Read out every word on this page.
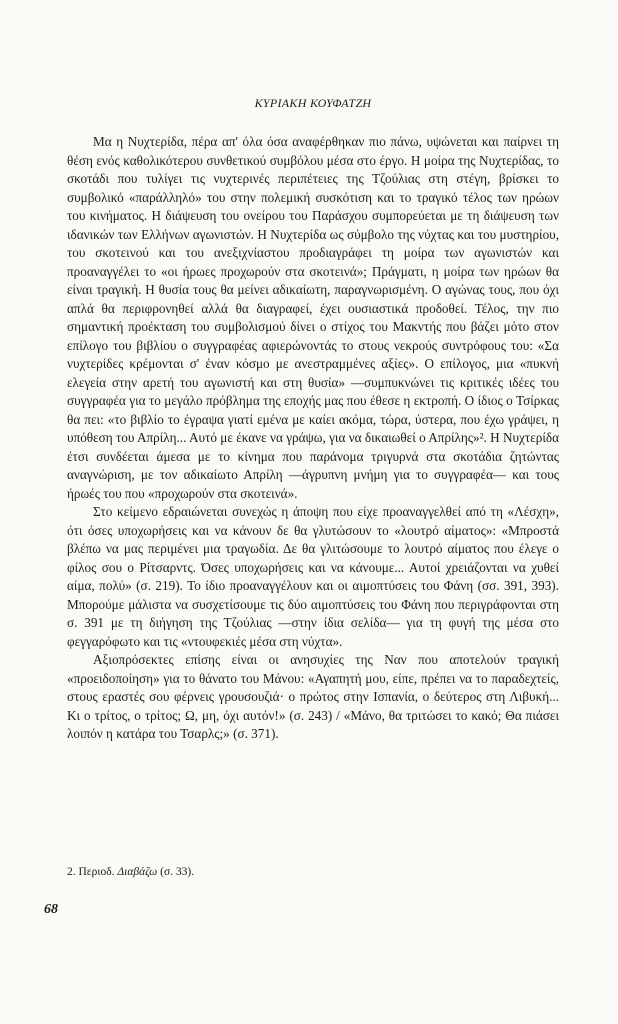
ΚΥΡΙΑΚΗ ΚΟΥΦΑΤΖΗ

Μα η Νυχτερίδα, πέρα απ' όλα όσα αναφέρθηκαν πιο πάνω, υψώνεται και παίρνει τη θέση ενός καθολικότερου συνθετικού συμβόλου μέσα στο έργο. Η μοίρα της Νυχτερίδας, το σκοτάδι που τυλίγει τις νυχτερινές περιπέτειες της Τζούλιας στη στέγη, βρίσκει το συμβολικό «παράλληλό» του στην πολεμική συσκότιση και το τραγικό τέλος των ηρώων του κινήματος. Η διάψευση του ονείρου του Παράσχου συμπορεύεται με τη διάψευση των ιδανικών των Ελλήνων αγωνιστών. Η Νυχτερίδα ως σύμβολο της νύχτας και του μυστηρίου, του σκοτεινού και του ανεξιχνίαστου προδιαγράφει τη μοίρα των αγωνιστών και προαναγγέλει το «οι ήρωες προχωρούν στα σκοτεινά»; Πράγματι, η μοίρα των ηρώων θα είναι τραγική. Η θυσία τους θα μείνει αδικαίωτη, παραγνωρισμένη. Ο αγώνας τους, που όχι απλά θα περιφρονηθεί αλλά θα διαγραφεί, έχει ουσιαστικά προδοθεί. Τέλος, την πιο σημαντική προέκταση του συμβολισμού δίνει ο στίχος του Μακντής που βάζει μότο στον επίλογο του βιβλίου ο συγγραφέας αφιερώνοντάς το στους νεκρούς συντρόφους του: «Σα νυχτερίδες κρέμονται σ' έναν κόσμο με ανεστραμμένες αξίες». Ο επίλογος, μια «πυκνή ελεγεία στην αρετή του αγωνιστή και στη θυσία» —συμπυκνώνει τις κριτικές ιδέες του συγγραφέα για το μεγάλο πρόβλημα της εποχής μας που έθεσε η εκτροπή. Ο ίδιος ο Τσίρκας θα πει: «το βιβλίο το έγραψα γιατί εμένα με καίει ακόμα, τώρα, ύστερα, που έχω γράψει, η υπόθεση του Απρίλη... Αυτό με έκανε να γράψω, για να δικαιωθεί ο Απρίλης»². Η Νυχτερίδα έτσι συνδέεται άμεσα με το κίνημα που παράνομα τριγυρνά στα σκοτάδια ζητώντας αναγνώριση, με τον αδικαίωτο Απρίλη —άγρυπνη μνήμη για το συγγραφέα— και τους ήρωές του που «προχωρούν στα σκοτεινά».

Στο κείμενο εδραιώνεται συνεχώς η άποψη που είχε προαναγγελθεί από τη «Λέσχη», ότι όσες υποχωρήσεις και να κάνουν δε θα γλυτώσουν το «λουτρό αίματος»: «Μπροστά βλέπω να μας περιμένει μια τραγωδία. Δε θα γλιτώσουμε το λουτρό αίματος που έλεγε ο φίλος σου ο Ρίτσαρντς. Όσες υποχωρήσεις και να κάνουμε... Αυτοί χρειάζονται να χυθεί αίμα, πολύ» (σ. 219). Το ίδιο προαναγγέλουν και οι αιμοπτύσεις του Φάνη (σσ. 391, 393). Μπορούμε μάλιστα να συσχετίσουμε τις δύο αιμοπτύσεις του Φάνη που περιγράφονται στη σ. 391 με τη διήγηση της Τζούλιας —στην ίδια σελίδα— για τη φυγή της μέσα στο φεγγαρόφωτο και τις «ντουφεκιές μέσα στη νύχτα».

Αξιοπρόσεκτες επίσης είναι οι ανησυχίες της Ναν που αποτελούν τραγική «προειδοποίηση» για το θάνατο του Μάνου: «Αγαπητή μου, είπε, πρέπει να το παραδεχτείς, στους εραστές σου φέρνεις γρουσουζιά· ο πρώτος στην Ισπανία, ο δεύτερος στη Λιβυκή... Κι ο τρίτος, ο τρίτος; Ω, μη, όχι αυτόν!» (σ. 243) / «Μάνο, θα τριτώσει το κακό; Θα πιάσει λοιπόν η κατάρα του Τσαρλς;» (σ. 371).

2. Περιοδ. Διαβάζω (σ. 33).
68
